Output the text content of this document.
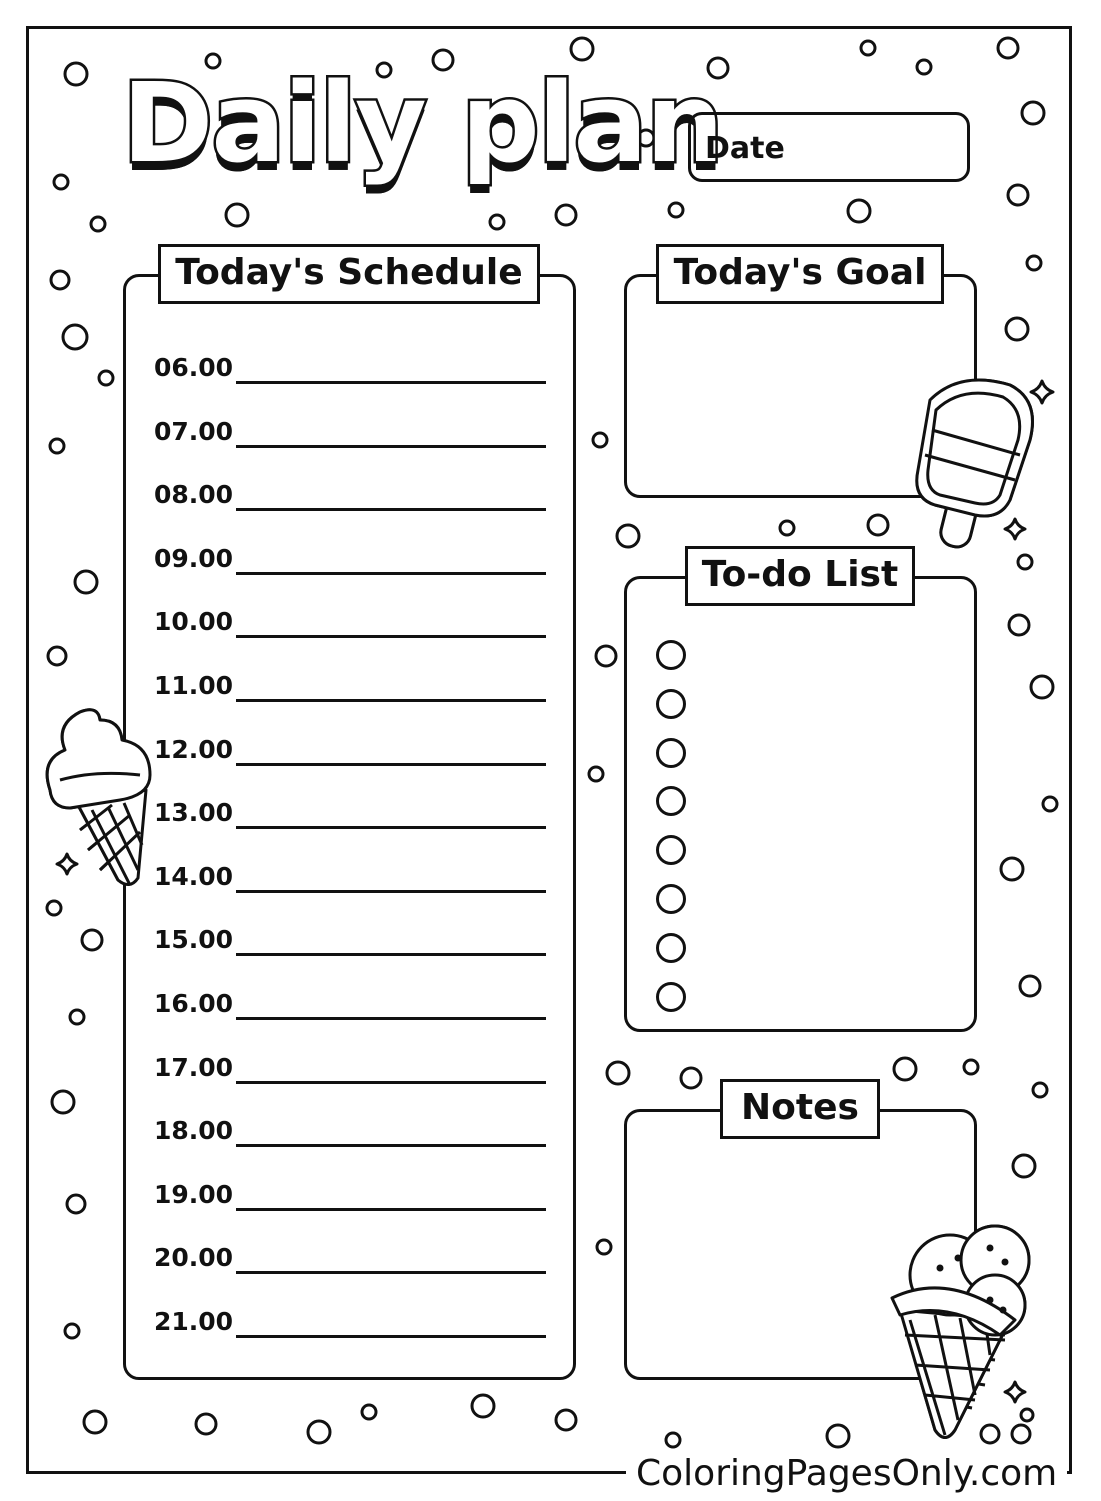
Daily plan
Date
Today's Schedule
06.00
07.00
08.00
09.00
10.00
11.00
12.00
13.00
14.00
15.00
16.00
17.00
18.00
19.00
20.00
21.00
Today's Goal
To-do List
Notes
ColoringPagesOnly.com
